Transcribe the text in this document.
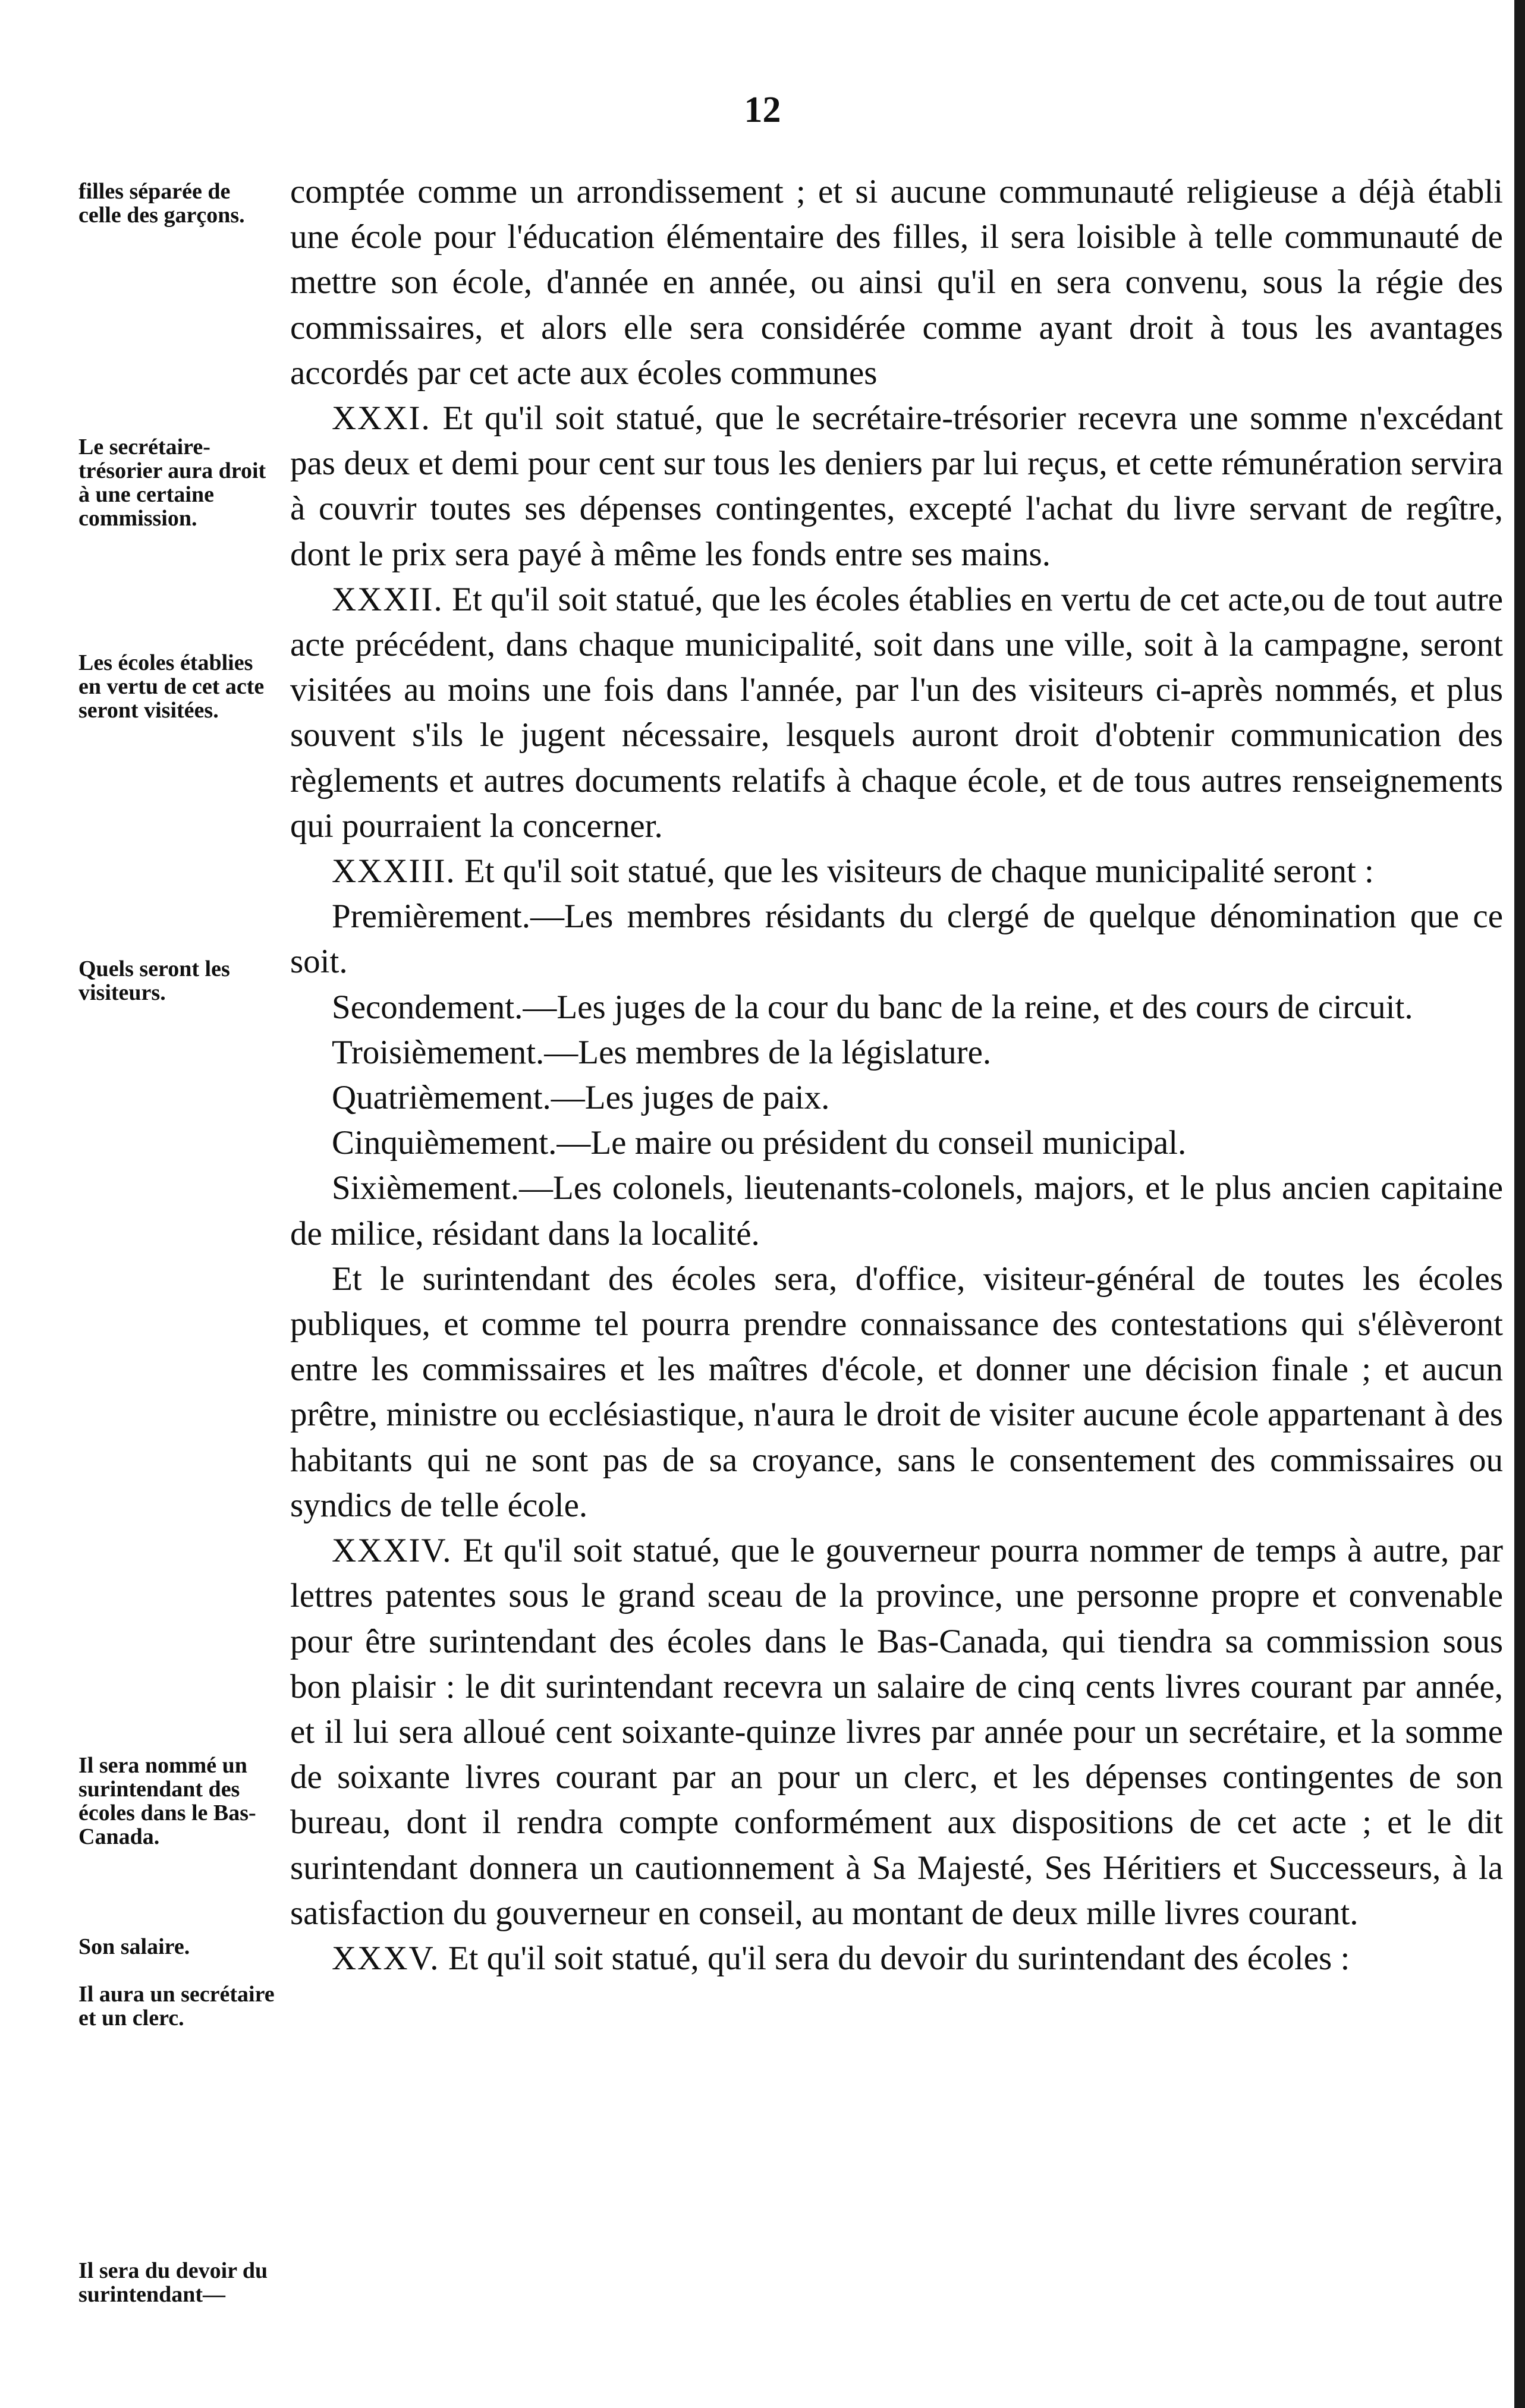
12
filles séparée de celle des garçons.
Le secrétaire-trésorier aura droit à une certaine commission.
Les écoles établies en vertu de cet acte seront visitées.
Quels seront les visiteurs.
Il sera nommé un surintendant des écoles dans le Bas-Canada.
Son salaire.
Il aura un secrétaire et un clerc.
Il sera du devoir du surintendant—

comptée comme un arrondissement ; et si aucune communauté religieuse a déjà établi une école pour l'éducation élémentaire des filles, il sera loisible à telle communauté de mettre son école, d'année en année, ou ainsi qu'il en sera convenu, sous la régie des commissaires, et alors elle sera considérée comme ayant droit à tous les avantages accordés par cet acte aux écoles communes

XXXI. Et qu'il soit statué, que le secrétaire-trésorier recevra une somme n'excédant pas deux et demi pour cent sur tous les deniers par lui reçus, et cette rémunération servira à couvrir toutes ses dépenses contingentes, excepté l'achat du livre servant de regître, dont le prix sera payé à même les fonds entre ses mains.

XXXII. Et qu'il soit statué, que les écoles établies en vertu de cet acte,ou de tout autre acte précédent, dans chaque municipalité, soit dans une ville, soit à la campagne, seront visitées au moins une fois dans l'année, par l'un des visiteurs ci-après nommés, et plus souvent s'ils le jugent nécessaire, lesquels auront droit d'obtenir communication des règlements et autres documents relatifs à chaque école, et de tous autres renseignements qui pourraient la concerner.

XXXIII. Et qu'il soit statué, que les visiteurs de chaque municipalité seront :

Premièrement.—Les membres résidants du clergé de quelque dénomination que ce soit.

Secondement.—Les juges de la cour du banc de la reine, et des cours de circuit.

Troisièmement.—Les membres de la législature.

Quatrièmement.—Les juges de paix.

Cinquièmement.—Le maire ou président du conseil municipal.

Sixièmement.—Les colonels, lieutenants-colonels, majors, et le plus ancien capitaine de milice, résidant dans la localité.

Et le surintendant des écoles sera, d'office, visiteur-général de toutes les écoles publiques, et comme tel pourra prendre connaissance des contestations qui s'élèveront entre les commissaires et les maîtres d'école, et donner une décision finale ; et aucun prêtre, ministre ou ecclésiastique, n'aura le droit de visiter aucune école appartenant à des habitants qui ne sont pas de sa croyance, sans le consentement des commissaires ou syndics de telle école.

XXXIV. Et qu'il soit statué, que le gouverneur pourra nommer de temps à autre, par lettres patentes sous le grand sceau de la province, une personne propre et convenable pour être surintendant des écoles dans le Bas-Canada, qui tiendra sa commission sous bon plaisir : le dit surintendant recevra un salaire de cinq cents livres courant par année, et il lui sera alloué cent soixante-quinze livres par année pour un secrétaire, et la somme de soixante livres courant par an pour un clerc, et les dépenses contingentes de son bureau, dont il rendra compte conformément aux dispositions de cet acte ; et le dit surintendant donnera un cautionnement à Sa Majesté, Ses Héritiers et Successeurs, à la satisfaction du gouverneur en conseil, au montant de deux mille livres courant.

XXXV. Et qu'il soit statué, qu'il sera du devoir du surintendant des écoles :
